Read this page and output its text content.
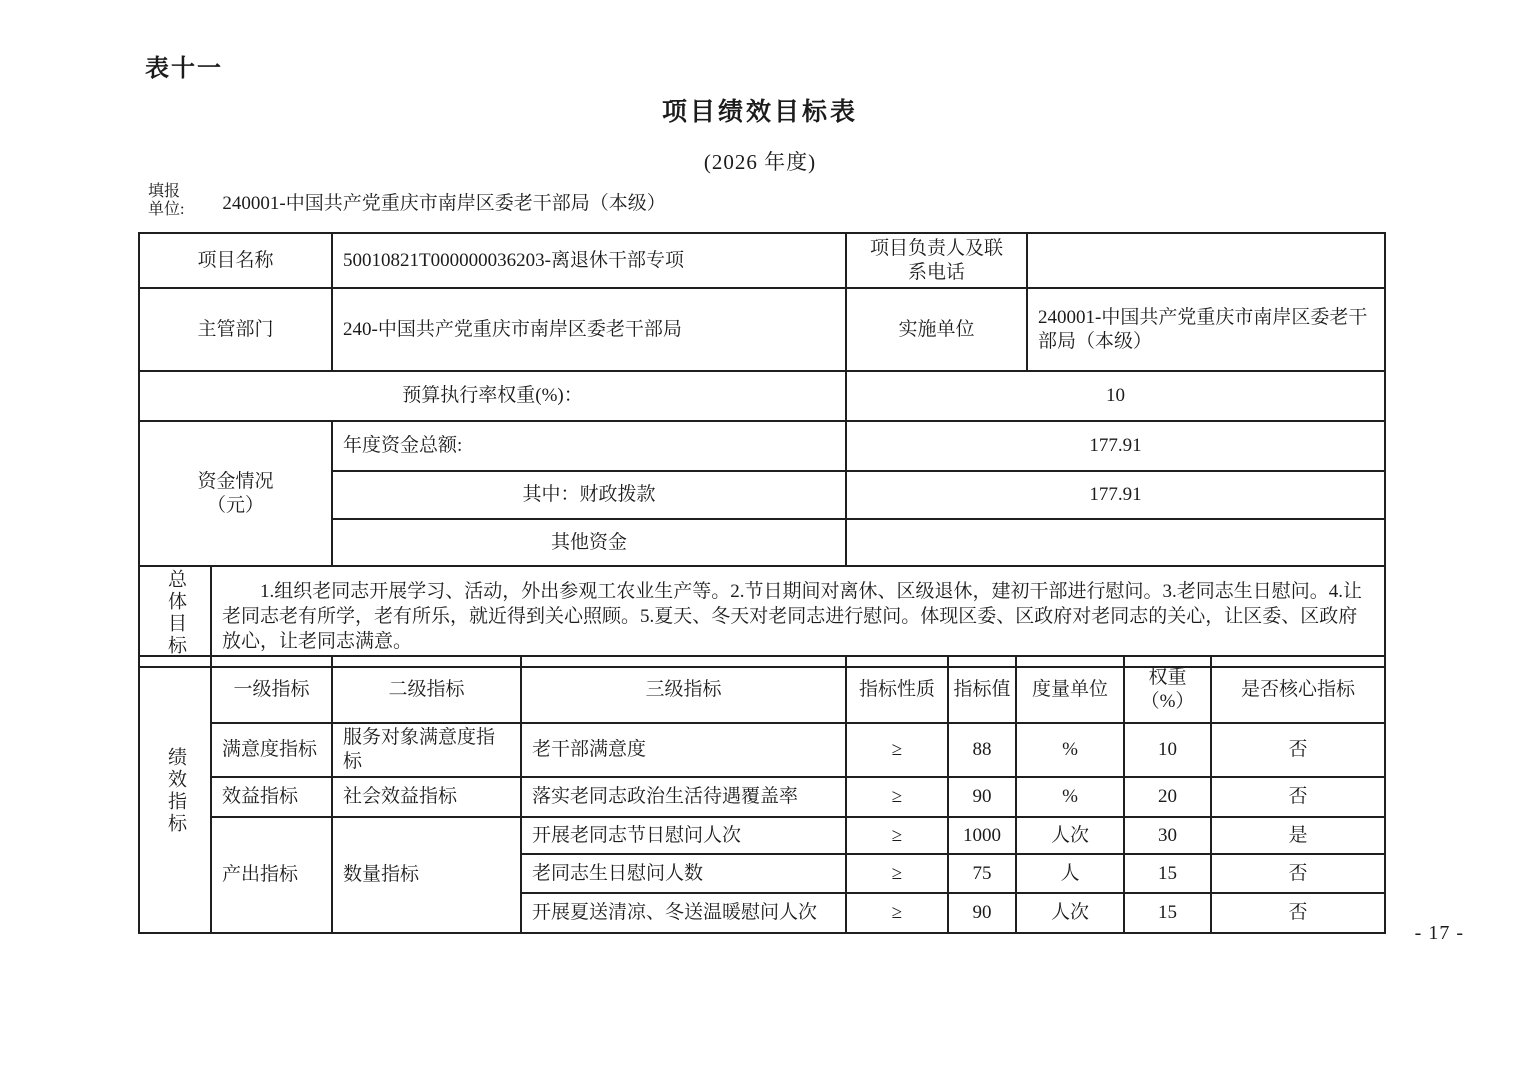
表十一
项目绩效目标表
(2026 年度)
填报单位: 240001-中国共产党重庆市南岸区委老干部局（本级）
项目名称		50010821T000000036203-离退休干部专项	项目负责人及联系电话	
主管部门		240-中国共产党重庆市南岸区委老干部局	实施单位	240001-中国共产党重庆市南岸区委老干部局（本级）
预算执行率权重(%)：			10	

资金情况
（元）		年度资金总额:	177.91	
		其中：财政拨款	177.91	
		其他资金		
总体目标	1.组织老同志开展学习、活动，外出参观工农业生产等。2.节日期间对离休、区级退休，建初干部进行慰问。3.老同志生日慰问。4.让老同志老有所学，老有所乐，就近得到关心照顾。5.夏天、冬天对老同志进行慰问。体现区委、区政府对老同志的关心，让区委、区政府放心，让老同志满意。			
绩效指标	一级指标	二级指标	三级指标	指标性质	指标值	度量单位	权重（%）	是否核心指标
	满意度指标	服务对象满意度指标	老干部满意度	≥	88	%	10	否
	效益指标	社会效益指标	落实老同志政治生活待遇覆盖率	≥	90	%	20	否
	产出指标	数量指标	开展老同志节日慰问人次	≥	1000	人次	30	是
			老同志生日慰问人数	≥	75	人	15	否
			开展夏送清凉、冬送温暖慰问人次	≥	90	人次	15	否
- 17 -
